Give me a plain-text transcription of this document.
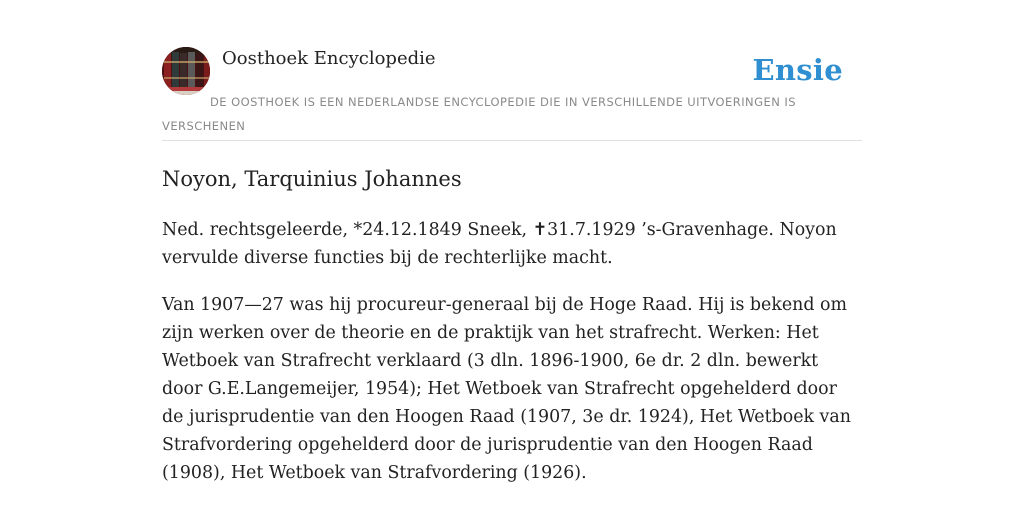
Oosthoek Encyclopedie	Ensie
DE OOSTHOEK IS EEN NEDERLANDSE ENCYCLOPEDIE DIE IN VERSCHILLENDE UITVOERINGEN IS VERSCHENEN
Noyon, Tarquinius Johannes

Ned. rechtsgeleerde, *24.12.1849 Sneek, ✝31.7.1929 ’s-Gravenhage. Noyon vervulde diverse functies bij de rechterlijke macht.

Van 1907—27 was hij procureur-generaal bij de Hoge Raad. Hij is bekend om zijn werken over de theorie en de praktijk van het strafrecht. Werken: Het Wetboek van Strafrecht verklaard (3 dln. 1896-1900, 6e dr. 2 dln. bewerkt door G.E.Langemeijer, 1954); Het Wetboek van Strafrecht opgehelderd door de jurisprudentie van den Hoogen Raad (1907, 3e dr. 1924), Het Wetboek van Strafvordering opgehelderd door de jurisprudentie van den Hoogen Raad (1908), Het Wetboek van Strafvordering (1926).
